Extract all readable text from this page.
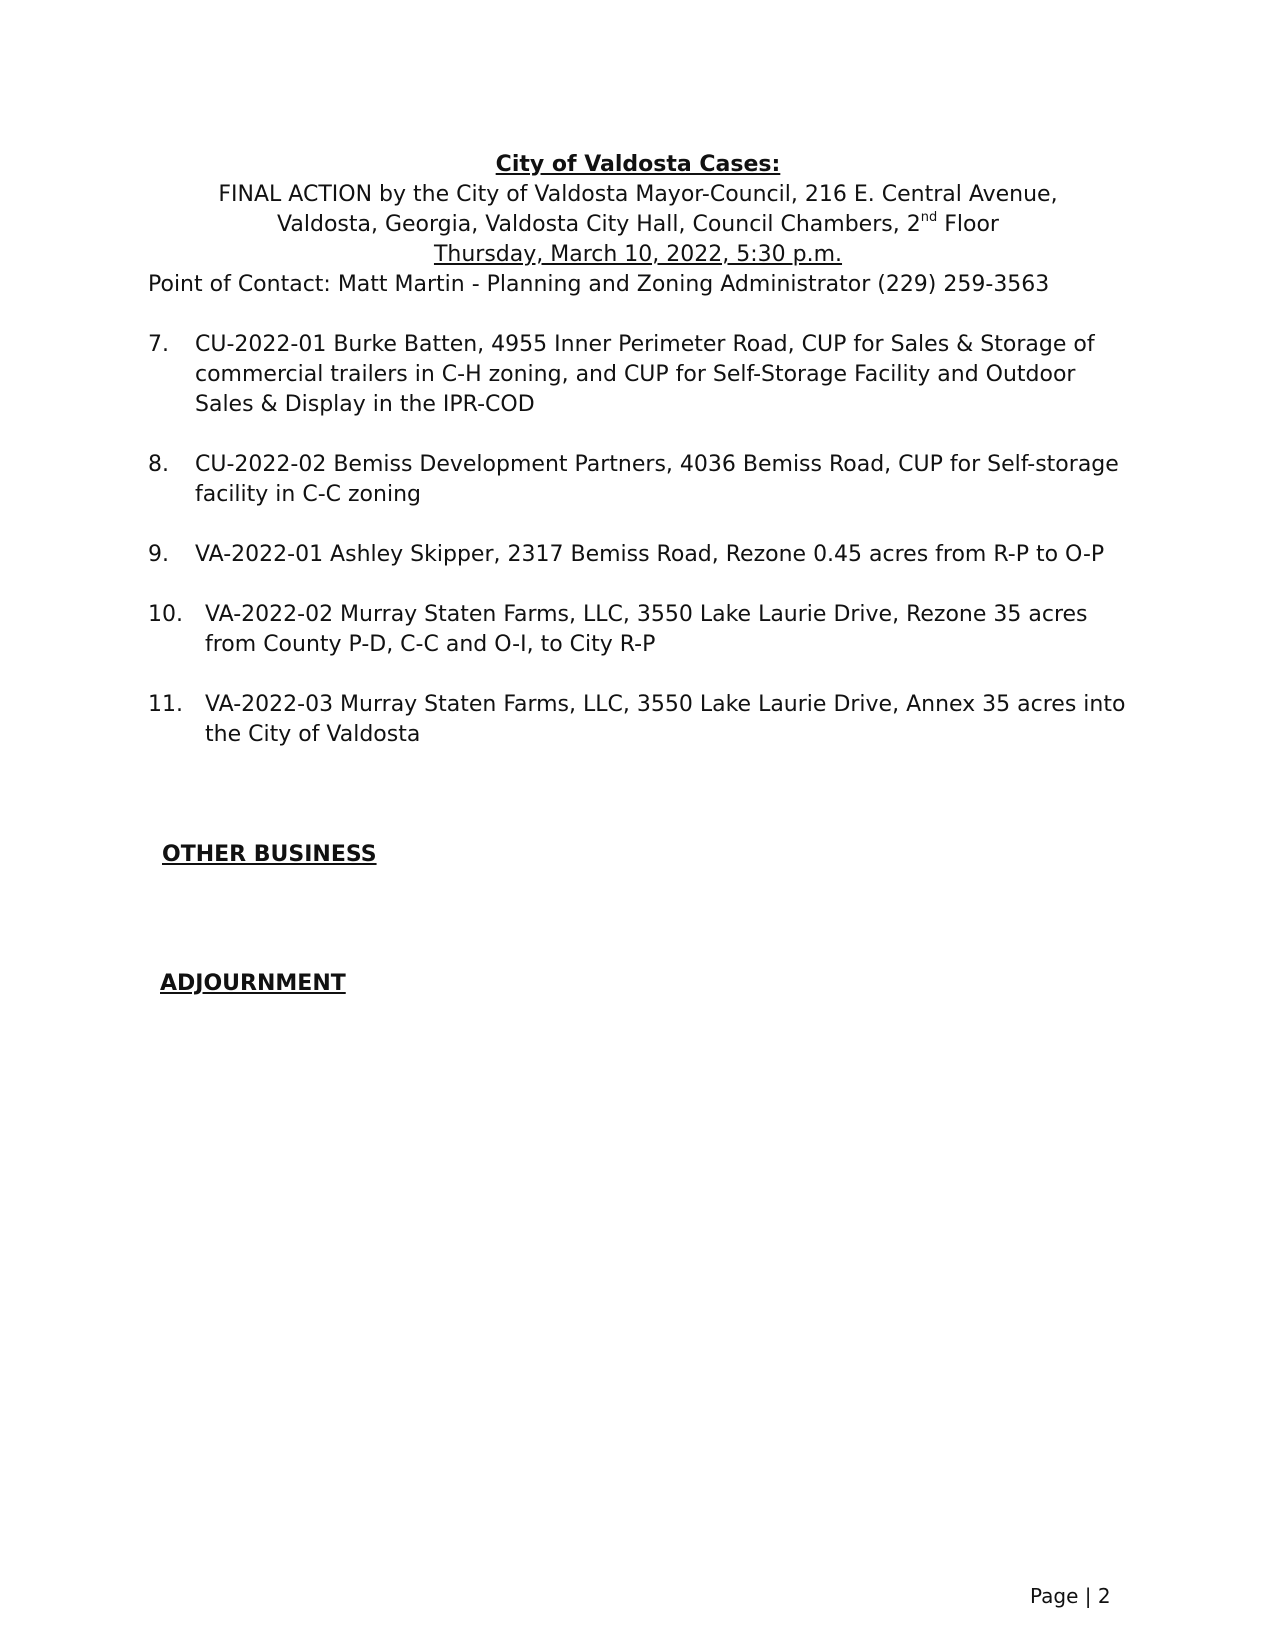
City of Valdosta Cases:
FINAL ACTION by the City of Valdosta Mayor-Council, 216 E. Central Avenue,
Valdosta, Georgia, Valdosta City Hall, Council Chambers, 2nd Floor
Thursday, March 10, 2022, 5:30 p.m.
Point of Contact: Matt Martin - Planning and Zoning Administrator (229) 259-3563
7.	CU-2022-01 Burke Batten, 4955 Inner Perimeter Road, CUP for Sales & Storage of
commercial trailers in C-H zoning, and CUP for Self-Storage Facility and Outdoor
Sales & Display in the IPR-COD
8.	CU-2022-02 Bemiss Development Partners, 4036 Bemiss Road, CUP for Self-storage
facility in C-C zoning
9.	VA-2022-01 Ashley Skipper, 2317 Bemiss Road, Rezone 0.45 acres from R-P to O-P
10.	VA-2022-02 Murray Staten Farms, LLC, 3550 Lake Laurie Drive, Rezone 35 acres
from County P-D, C-C and O-I, to City R-P
11.	VA-2022-03 Murray Staten Farms, LLC, 3550 Lake Laurie Drive, Annex 35 acres into
the City of Valdosta
OTHER BUSINESS
ADJOURNMENT
Page | 2
